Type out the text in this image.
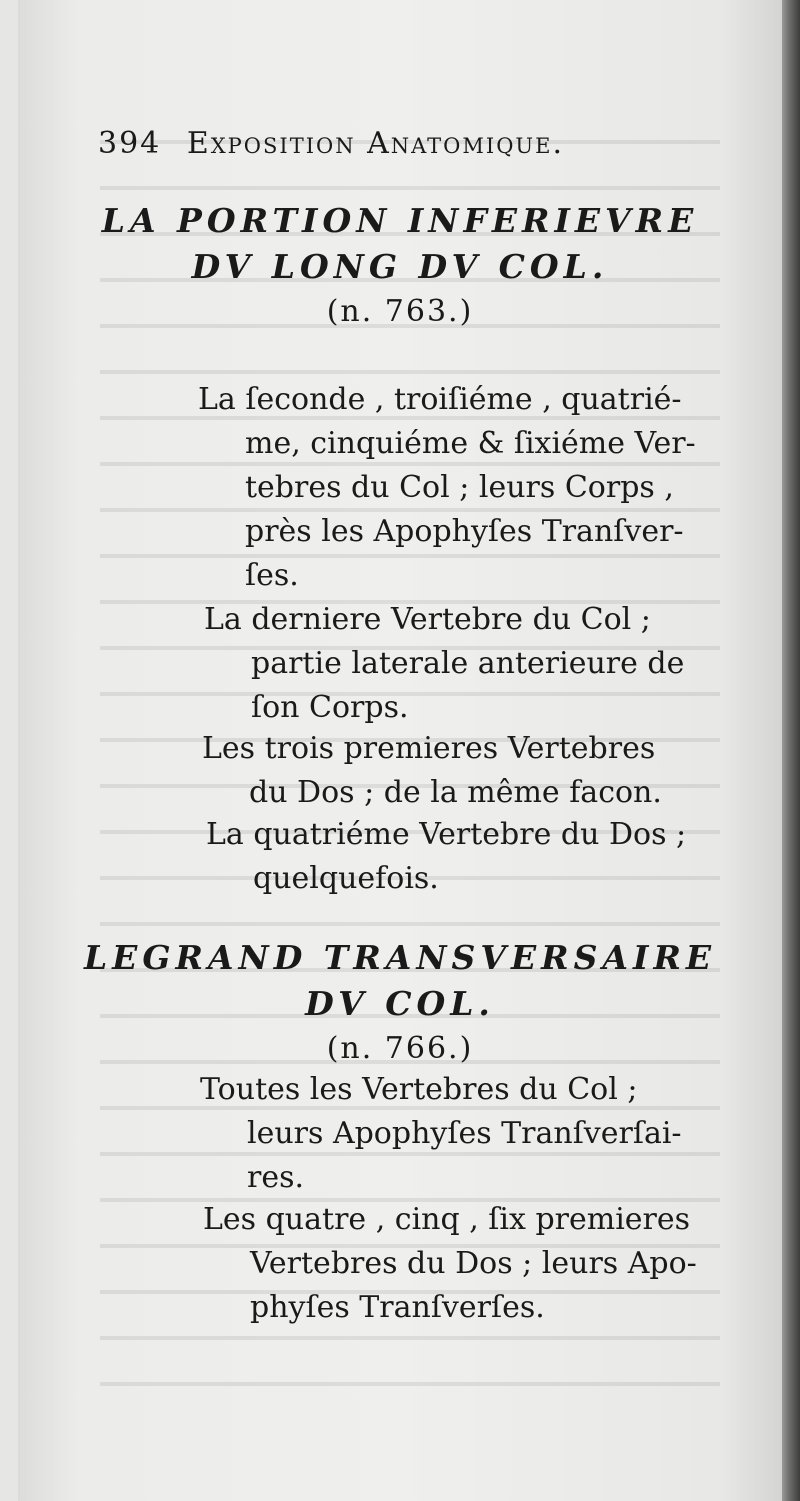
394 Exposition Anatomique.
LA PORTION INFERIEVRE
DV LONG DV COL.
(n. 763.)
La ſeconde , troiſiéme , quatrié-
me, cinquiéme & ſixiéme Ver-
tebres du Col ; leurs Corps ,
près les Apophyſes Tranſver-
ſes.
La derniere Vertebre du Col ;
partie laterale anterieure de
ſon Corps.
Les trois premieres Vertebres
du Dos ; de la même facon.
La quatriéme Vertebre du Dos ;
quelquefois.
LEGRAND TRANSVERSAIRE
DV COL.
(n. 766.)
Toutes les Vertebres du Col ;
leurs Apophyſes Tranſverſai-
res.
Les quatre , cinq , ſix premieres
Vertebres du Dos ; leurs Apo-
phyſes Tranſverſes.
